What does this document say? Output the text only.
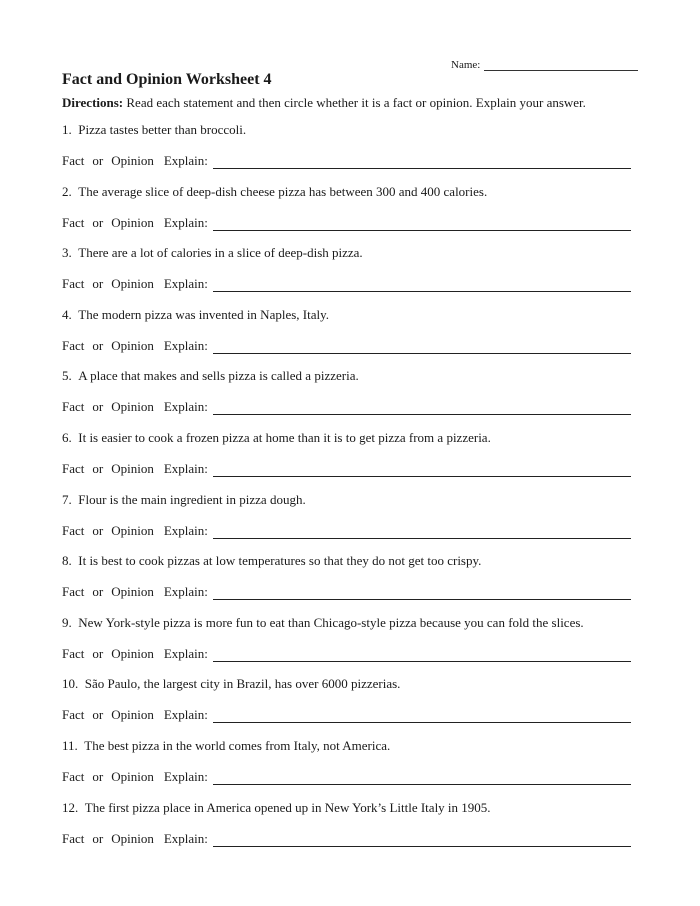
Name:
Fact and Opinion Worksheet 4
Directions: Read each statement and then circle whether it is a fact or opinion. Explain your answer.
1. Pizza tastes better than broccoli.
Fact or Opinion Explain:
2. The average slice of deep-dish cheese pizza has between 300 and 400 calories.
Fact or Opinion Explain:
3. There are a lot of calories in a slice of deep-dish pizza.
Fact or Opinion Explain:
4. The modern pizza was invented in Naples, Italy.
Fact or Opinion Explain:
5. A place that makes and sells pizza is called a pizzeria.
Fact or Opinion Explain:
6. It is easier to cook a frozen pizza at home than it is to get pizza from a pizzeria.
Fact or Opinion Explain:
7. Flour is the main ingredient in pizza dough.
Fact or Opinion Explain:
8. It is best to cook pizzas at low temperatures so that they do not get too crispy.
Fact or Opinion Explain:
9. New York-style pizza is more fun to eat than Chicago-style pizza because you can fold the slices.
Fact or Opinion Explain:
10. São Paulo, the largest city in Brazil, has over 6000 pizzerias.
Fact or Opinion Explain:
11. The best pizza in the world comes from Italy, not America.
Fact or Opinion Explain:
12. The first pizza place in America opened up in New York’s Little Italy in 1905.
Fact or Opinion Explain:
